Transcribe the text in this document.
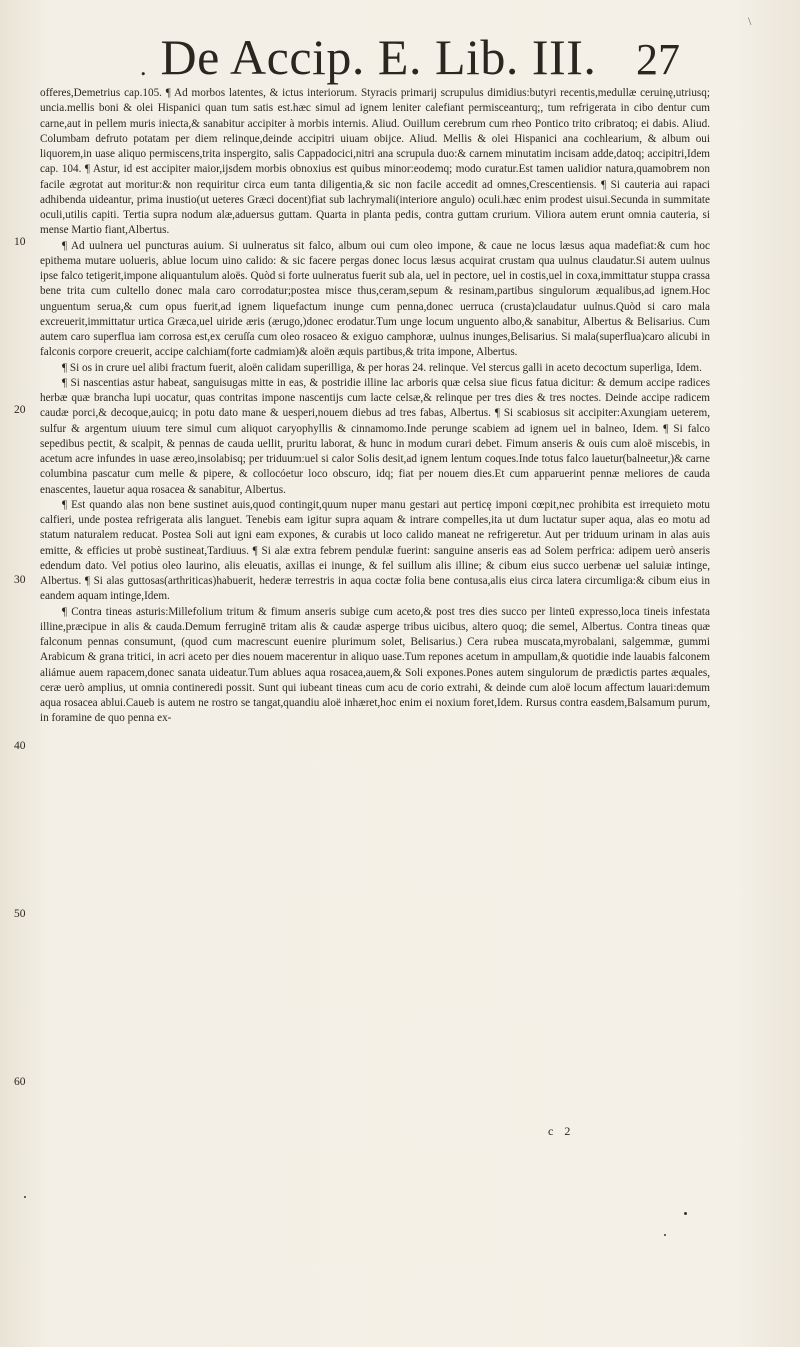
. De Accip. E. Lib. III. 27
10
20
30
40
50
60

offeres,Demetrius cap.105. ¶ Ad morbos latentes, & ictus interiorum. Styracis primarij scrupulus dimidius:butyri recentis,medullæ ceruinę,utriusq; uncia.mellis boni & olei Hispanici quan tum satis est.hæc simul ad ignem leniter calefiant permisceanturq;, tum refrigerata in cibo dentur cum carne,aut in pellem muris iniecta,& sanabitur accipiter à morbis internis. Aliud. Ouillum cerebrum cum rheo Pontico trito cribratoq; ei dabis. Aliud. Columbam defruto potatam per diem relinque,deinde accipitri uiuam obijce. Aliud. Mellis & olei Hispanici ana cochlearium, & album oui liquorem,in uase aliquo permiscens,trita inspergito, salis Cappadocici,nitri ana scrupula duo:& carnem minutatim incisam adde,datoq; accipitri,Idem cap. 104. ¶ Astur, id est accipiter maior,ijsdem morbis obnoxius est quibus minor:eodemq; modo curatur.Est tamen ualidior natura,quamobrem non facile ægrotat aut moritur:& non requiritur circa eum tanta diligentia,& sic non facile accedit ad omnes,Crescentiensis. ¶ Si cauteria aui rapaci adhibenda uideantur, prima inustio(ut ueteres Græci docent)fiat sub lachrymali(interiore angulo) oculi.hæc enim prodest uisui.Secunda in summitate oculi,utilis capiti. Tertia supra nodum alæ,aduersus guttam. Quarta in planta pedis, contra guttam crurium. Viliora autem erunt omnia cauteria, si mense Martio fiant,Albertus.

¶ Ad uulnera uel puncturas auium. Si uulneratus sit falco, album oui cum oleo impone, & caue ne locus læsus aqua madefiat:& cum hoc epithema mutare uolueris, ablue locum uino calido: & sic facere pergas donec locus læsus acquirat crustam qua uulnus claudatur.Si autem uulnus ipse falco tetigerit,impone aliquantulum aloës. Quòd si forte uulneratus fuerit sub ala, uel in pectore, uel in costis,uel in coxa,immittatur stuppa crassa bene trita cum cultello donec mala caro corrodatur;postea misce thus,ceram,sepum & resinam,partibus singulorum æqualibus,ad ignem.Hoc unguentum serua,& cum opus fuerit,ad ignem liquefactum inunge cum penna,donec uerruca (crusta)claudatur uulnus.Quòd si caro mala excreuerit,immittatur urtica Græca,uel uiride æris (ærugo,)donec erodatur.Tum unge locum unguento albo,& sanabitur, Albertus & Belisarius. Cum autem caro superflua iam corrosa est,ex ceruſſa cum oleo rosaceo & exiguo camphoræ, uulnus inunges,Belisarius. Si mala(superflua)caro alicubi in falconis corpore creuerit, accipe calchiam(forte cadmiam)& aloën æquis partibus,& trita impone, Albertus.

¶ Si os in crure uel alibi fractum fuerit, aloën calidam superilliga, & per horas 24. relinque. Vel stercus galli in aceto decoctum superliga, Idem.

¶ Si nascentias astur habeat, sanguisugas mitte in eas, & postridie illine lac arboris quæ celsa siue ficus fatua dicitur: & demum accipe radices herbæ quæ brancha lupi uocatur, quas contritas impone nascentijs cum lacte celsæ,& relinque per tres dies & tres noctes. Deinde accipe radicem caudæ porci,& decoque,auicq; in potu dato mane & uesperi,nouem diebus ad tres fabas, Albertus. ¶ Si scabiosus sit accipiter:Axungiam ueterem, sulfur & argentum uiuum tere simul cum aliquot caryophyllis & cinnamomo.Inde perunge scabiem ad ignem uel in balneo, Idem. ¶ Si falco sepedibus pectit, & scalpit, & pennas de cauda uellit, pruritu laborat, & hunc in modum curari debet. Fimum anseris & ouis cum aloë miscebis, in acetum acre infundes in uase æreo,insolabisq; per triduum:uel si calor Solis desit,ad ignem lentum coques.Inde totus falco lauetur(balneetur,)& carne columbina pascatur cum melle & pipere, & collocóetur loco obscuro, idq; fiat per nouem dies.Et cum apparuerint pennæ meliores de cauda enascentes, lauetur aqua rosacea & sanabitur, Albertus.

¶ Est quando alas non bene sustinet auis,quod contingit,quum nuper manu gestari aut perticę imponi cœpit,nec prohibita est irrequieto motu calfieri, unde postea refrigerata alis languet. Tenebis eam igitur supra aquam & intrare compelles,ita ut dum luctatur super aqua, alas eo motu ad statum naturalem reducat. Postea Soli aut igni eam expones, & curabis ut loco calido maneat ne refrigeretur. Aut per triduum urinam in alas auis emitte, & efficies ut probè sustineat,Tardiuus. ¶ Si alæ extra febrem pendulæ fuerint: sanguine anseris eas ad Solem perfrica: adipem uerò anseris edendum dato. Vel potius oleo laurino, alis eleuatis, axillas ei inunge, & fel suillum alis illine; & cibum eius succo uerbenæ uel saluiæ intinge, Albertus. ¶ Si alas guttosas(arthriticas)habuerit, hederæ terrestris in aqua coctæ folia bene contusa,alis eius circa latera circumliga:& cibum eius in eandem aquam intinge,Idem.

¶ Contra tineas asturis:Millefolium tritum & fimum anseris subige cum aceto,& post tres dies succo per linteū expresso,loca tineis infestata illine,præcipue in alis & cauda.Demum ferruginē tritam alis & caudæ asperge tribus uicibus, altero quoq; die semel, Albertus. Contra tineas quæ falconum pennas consumunt, (quod cum macrescunt euenire plurimum solet, Belisarius.) Cera rubea muscata,myrobalani, salgemmæ, gummi Arabicum & grana tritici, in acri aceto per dies nouem macerentur in aliquo uase.Tum repones acetum in ampullam,& quotidie inde lauabis falconem aliámue auem rapacem,donec sanata uideatur.Tum ablues aqua rosacea,auem,& Soli expones.Pones autem singulorum de prædictis partes æquales, ceræ uerò amplius, ut omnia contineredi possit. Sunt qui iubeant tineas cum acu de corio extrahi, & deinde cum aloë locum affectum lauari:demum aqua rosacea ablui.Caueb is autem ne rostro se tangat,quandiu aloë inhæret,hoc enim ei noxium foret,Idem. Rursus contra easdem,Balsamum purum, in foramine de quo penna ex-

c 2
\
